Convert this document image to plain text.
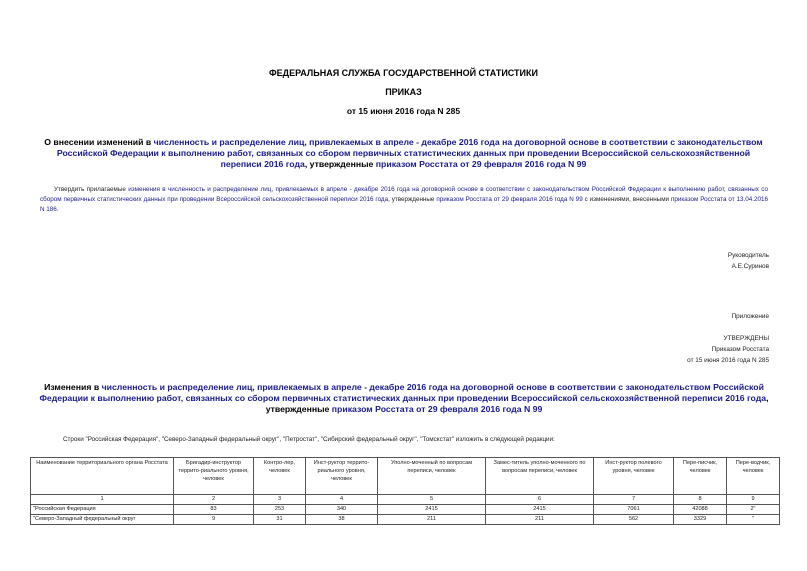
ФЕДЕРАЛЬНАЯ СЛУЖБА ГОСУДАРСТВЕННОЙ СТАТИСТИКИ
ПРИКАЗ
от 15 июня 2016 года N 285
О внесении изменений в численность и распределение лиц, привлекаемых в апреле - декабре 2016 года на договорной основе в соответствии с законодательством Российской Федерации к выполнению работ, связанных со сбором первичных статистических данных при проведении Всероссийской сельскохозяйственной переписи 2016 года, утвержденные приказом Росстата от 29 февраля 2016 года N 99
Утвердить прилагаемые изменения в численность и распределение лиц, привлекаемых в апреле - декабре 2016 года на договорной основе в соответствии с законодательством Российской Федерации к выполнению работ, связанных со сбором первичных статистических данных при проведении Всероссийской сельскохозяйственной переписи 2016 года, утвержденные приказом Росстата от 29 февраля 2016 года N 99 с изменениями, внесенными приказом Росстата от 13.04.2016 N 186.
Руководитель
А.Е.Суринов
Приложение
УТВЕРЖДЕНЫ
Приказом Росстата
от 15 июня 2016 года N 285
Изменения в численность и распределение лиц, привлекаемых в апреле - декабре 2016 года на договорной основе в соответствии с законодательством Российской Федерации к выполнению работ, связанных со сбором первичных статистических данных при проведении Всероссийской сельскохозяйственной переписи 2016 года, утвержденные приказом Росстата от 29 февраля 2016 года N 99
Строки "Российская Федерация", "Северо-Западный федеральный округ", "Петростат", "Сибирский федеральный округ", "Томскстат" изложить в следующей редакции:
Наименование территориального органа Росстата	Бригадир-инструктор террито-риального уровня, человек	Контро-лер, человек	Инст-руктор террито-риального уровня, человек	Уполно-моченный по вопросам переписи, человек	Замес-титель уполно-моченного по вопросам переписи, человек	Инст-руктор полевого уровня, человек	Пере-писчик, человек	Пере-водчик, человек
1	2	3	4	5	6	7	8	9
"Российская Федерация	83	253	340	2415	2415	7061	42088	2"
"Северо-Западный федеральный округ	9	31	38	211	211	562	3329	"
